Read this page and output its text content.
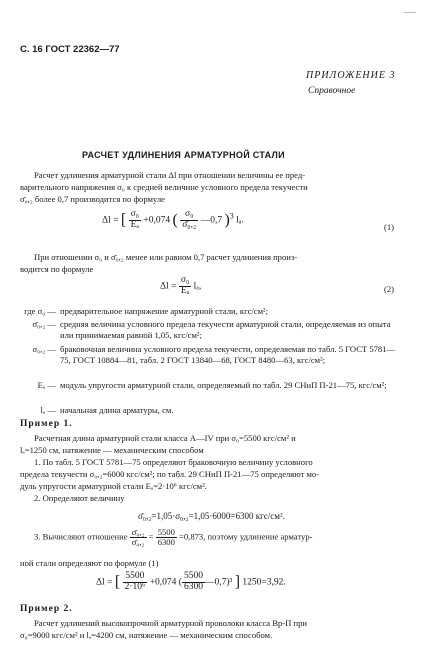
С. 16 ГОСТ 22362—77
ПРИЛОЖЕНИЕ 3
Справочное
РАСЧЕТ УДЛИНЕНИЯ АРМАТУРНОЙ СТАЛИ
Расчет удлинения арматурной стали Δl при отношении величины ее пред-
варительного напряжения σ₀ к средней величине условного предела текучести
σ̄₀,₂ более 0,7 производится по формуле
Δl = [ $\frac{\text{σ₀}}{\text{Eₐ}} +0,074$ ( $\frac{\text{σ₀}}{\text{σ̄₀,₂}}$ —0,7 )$^3$ lₐ.
(1)
При отношении σ₀ и σ̄₀,₂ менее или равном 0,7 расчет удлинения произ-
водится по формуле
$\Delta l = \frac{\text{σ₀}}{\text{Eₐ}} l_a$,	(2)
где σ₀ — предварительное напряжение арматурной стали, кгс/см²;
σ̄₀,₂ — средняя величина условного предела текучести арматурной стали, определяемая из опыта или принимаемая равной 1,05, кгс/см²;
σ₀,₂ — браковочная величина условного предела текучести, определяемая по табл. 5 ГОСТ 5781—75, ГОСТ 10884—81, табл. 2 ГОСТ 13840—68, ГОСТ 8480—63, кгс/см²;
Eₐ — модуль упругости арматурной стали, определяемый по табл. 29 СНиП П-21—75, кгс/см²;
lₐ — начальная длина арматуры, см.
Пример 1.
Расчетная длина арматурной стали класса А—IV при σ₀=5500 кгс/см² и
lₐ=1250 см, натяжение — механическим способом
1. По табл. 5 ГОСТ 5781—75 определяют браковочную величину условного
предела текучести σ₀,₂=6000 кгс/см²; по табл. 29 СНиП П-21—75 определяют мо-
дуль упругости арматурной стали Eₐ=2·10⁶ кгс/см².
2. Определяют величину
σ̄₀,₂=1,05·σ₀,₂=1,05·6000=6300 кгс/см².
3. Вычисляют отношение $\frac{\text{σ̄₀,₂}}{\text{σ̄₀,₂}} = \frac{5500}{6300} =0,873$, поэтому удлинение арматур-
ной стали определяют по формуле (1)
Δl = [ $\frac{5500}{\text{2·10⁶}} +0,074$ ( $\frac{5500}{6300}$ —0,7)³ ] 1250=3,92.
Пример 2.
Расчет удлинений высокопрочной арматурной проволоки класса Вр-П при
σ₀=9000 кгс/см² и lₐ=4200 см, натяжение — механическим способом.
